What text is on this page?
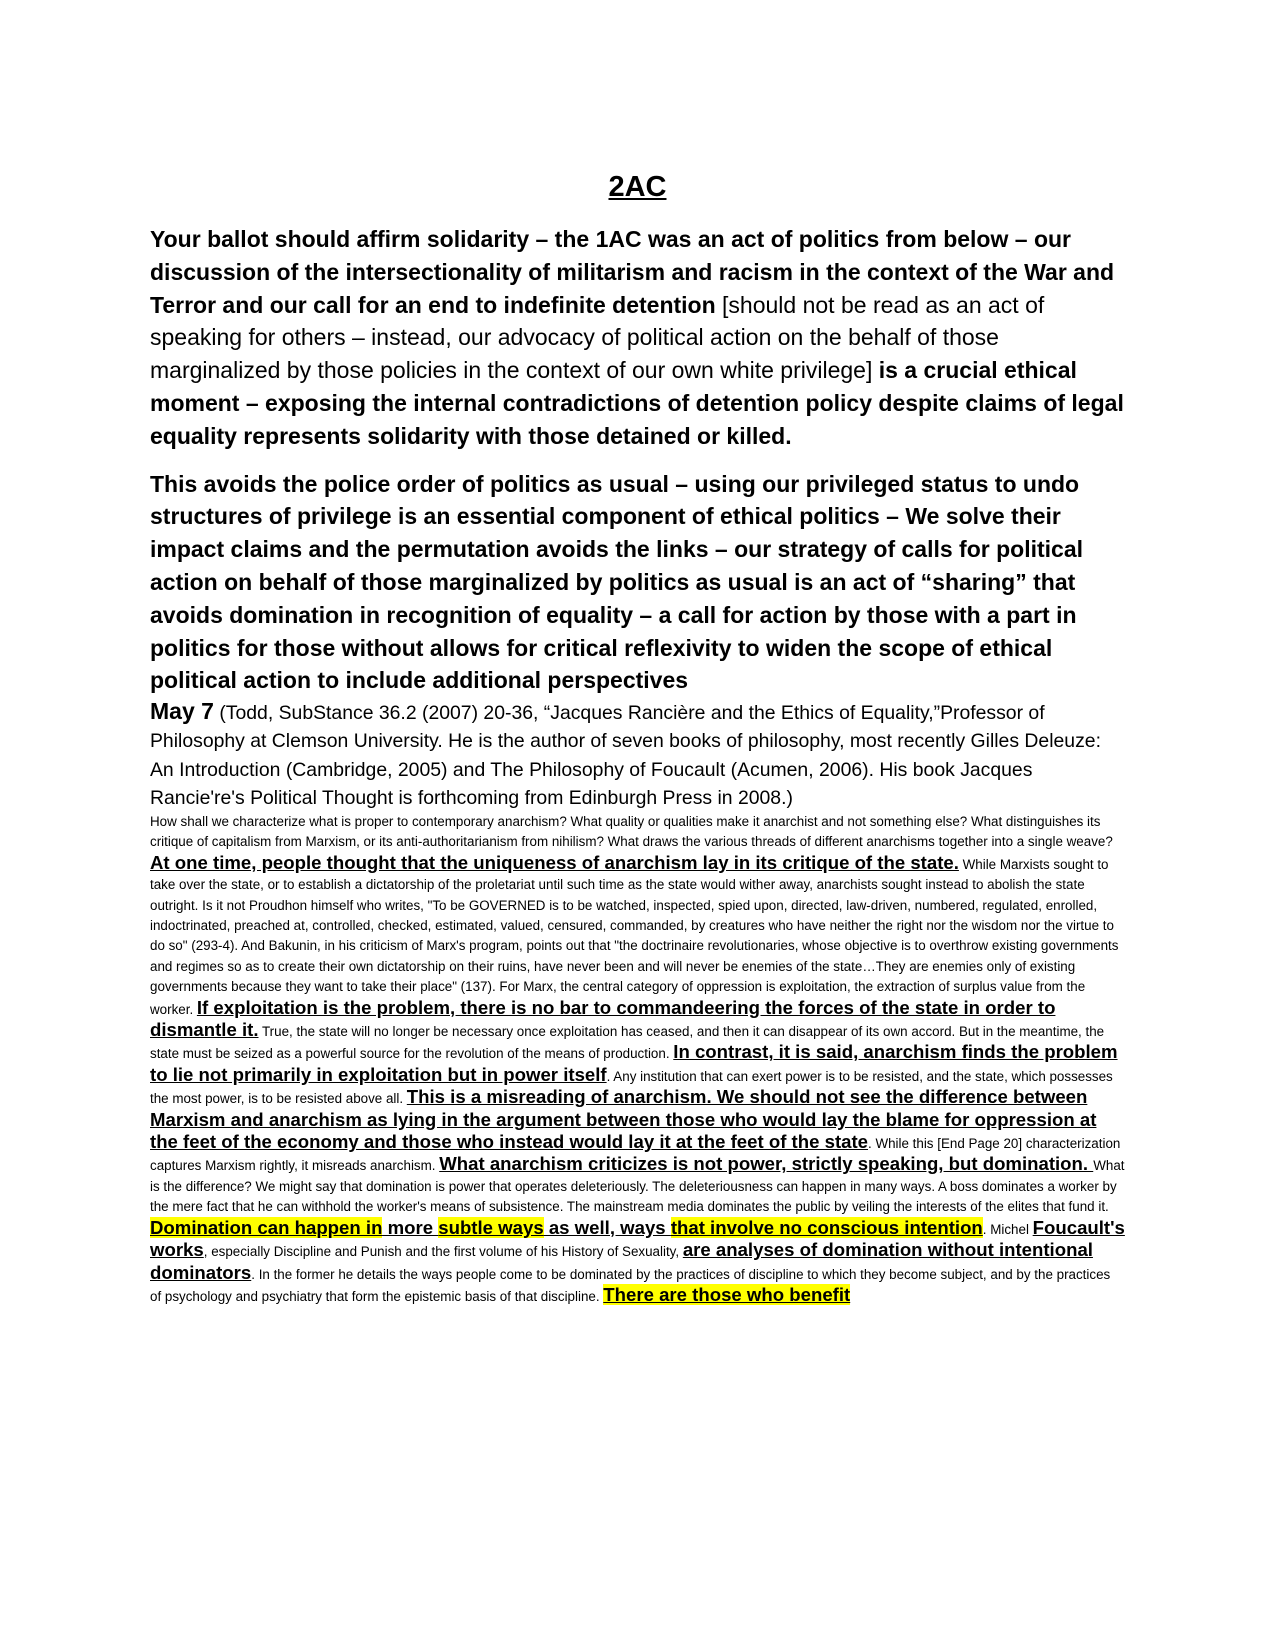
2AC

Your ballot should affirm solidarity – the 1AC was an act of politics from below – our discussion of the intersectionality of militarism and racism in the context of the War and Terror and our call for an end to indefinite detention [should not be read as an act of speaking for others – instead, our advocacy of political action on the behalf of those marginalized by those policies in the context of our own white privilege] is a crucial ethical moment – exposing the internal contradictions of detention policy despite claims of legal equality represents solidarity with those detained or killed.

This avoids the police order of politics as usual – using our privileged status to undo structures of privilege is an essential component of ethical politics – We solve their impact claims and the permutation avoids the links – our strategy of calls for political action on behalf of those marginalized by politics as usual is an act of “sharing” that avoids domination in recognition of equality – a call for action by those with a part in politics for those without allows for critical reflexivity to widen the scope of ethical political action to include additional perspectives

May 7 (Todd, SubStance 36.2 (2007) 20-36, “Jacques Rancière and the Ethics of Equality,”Professor of Philosophy at Clemson University. He is the author of seven books of philosophy, most recently Gilles Deleuze: An Introduction (Cambridge, 2005) and The Philosophy of Foucault (Acumen, 2006). His book Jacques Rancie're's Political Thought is forthcoming from Edinburgh Press in 2008.)

How shall we characterize what is proper to contemporary anarchism? What quality or qualities make it anarchist and not something else? What distinguishes its critique of capitalism from Marxism, or its anti-authoritarianism from nihilism? What draws the various threads of different anarchisms together into a single weave? At one time, people thought that the uniqueness of anarchism lay in its critique of the state. While Marxists sought to take over the state, or to establish a dictatorship of the proletariat until such time as the state would wither away, anarchists sought instead to abolish the state outright. Is it not Proudhon himself who writes, "To be GOVERNED is to be watched, inspected, spied upon, directed, law-driven, numbered, regulated, enrolled, indoctrinated, preached at, controlled, checked, estimated, valued, censured, commanded, by creatures who have neither the right nor the wisdom nor the virtue to do so" (293-4). And Bakunin, in his criticism of Marx's program, points out that "the doctrinaire revolutionaries, whose objective is to overthrow existing governments and regimes so as to create their own dictatorship on their ruins, have never been and will never be enemies of the state…They are enemies only of existing governments because they want to take their place" (137). For Marx, the central category of oppression is exploitation, the extraction of surplus value from the worker. If exploitation is the problem, there is no bar to commandeering the forces of the state in order to dismantle it. True, the state will no longer be necessary once exploitation has ceased, and then it can disappear of its own accord. But in the meantime, the state must be seized as a powerful source for the revolution of the means of production. In contrast, it is said, anarchism finds the problem to lie not primarily in exploitation but in power itself. Any institution that can exert power is to be resisted, and the state, which possesses the most power, is to be resisted above all. This is a misreading of anarchism. We should not see the difference between Marxism and anarchism as lying in the argument between those who would lay the blame for oppression at the feet of the economy and those who instead would lay it at the feet of the state. While this [End Page 20] characterization captures Marxism rightly, it misreads anarchism. What anarchism criticizes is not power, strictly speaking, but domination. What is the difference? We might say that domination is power that operates deleteriously. The deleteriousness can happen in many ways. A boss dominates a worker by the mere fact that he can withhold the worker's means of subsistence. The mainstream media dominates the public by veiling the interests of the elites that fund it. Domination can happen in more subtle ways as well, ways that involve no conscious intention. Michel Foucault's works, especially Discipline and Punish and the first volume of his History of Sexuality, are analyses of domination without intentional dominators. In the former he details the ways people come to be dominated by the practices of discipline to which they become subject, and by the practices of psychology and psychiatry that form the epistemic basis of that discipline. There are those who benefit
